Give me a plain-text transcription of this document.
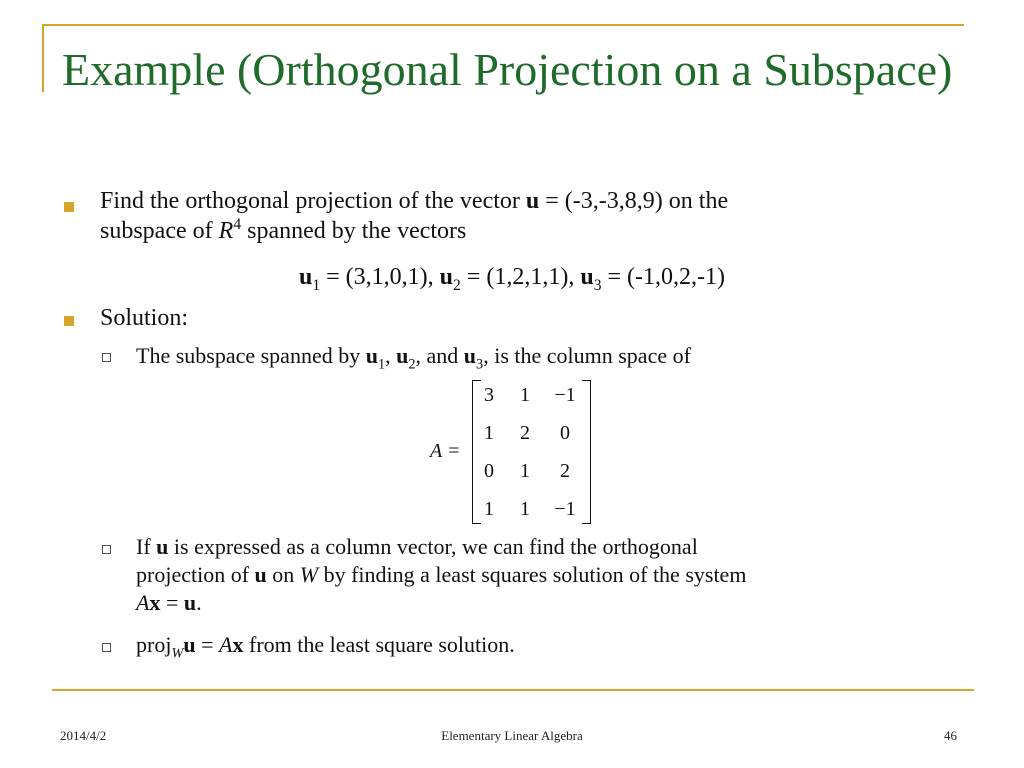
Example (Orthogonal Projection on a Subspace)
Find the orthogonal projection of the vector u = (-3,-3,8,9) on the
subspace of $R^4$ spanned by the vectors
$u_1 = (3,1,0,1)$, $u_2 = (1,2,1,1)$, $u_3 = (-1,0,2,-1)$
Solution:
The subspace spanned by $u_1$, $u_2$, and $u_3$, is the column space of
A =
3	1	−1
1	2	0
0	1	2
1	1	−1
If u is expressed as a column vector, we can find the orthogonal
projection of u on W by finding a least squares solution of the system
Ax = u.
proj$_W$u = Ax from the least square solution.
2014/4/2	Elementary Linear Algebra	46
